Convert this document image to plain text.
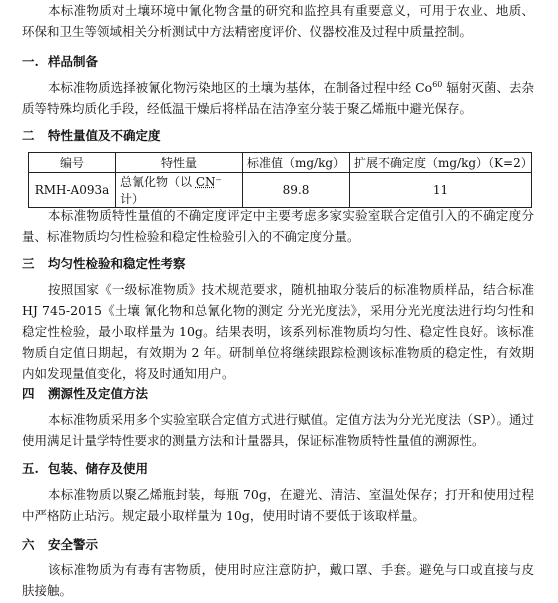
本标准物质对土壤环境中氰化物含量的研究和监控具有重要意义，可用于农业、地质、环保和卫生等领域相关分析测试中方法精密度评价、仪器校准及过程中质量控制。

一. 样品制备

本标准物质选择被氰化物污染地区的土壤为基体，在制备过程中经 Co$^{60}$ 辐射灭菌、去杂质等特殊均质化手段，经低温干燥后将样品在洁净室分装于聚乙烯瓶中避光保存。

二 特性量值及不确定度
编号	特性量	标准值（mg/kg）	扩展不确定度（mg/kg）（K=2）
RMH-A093a	总氰化物（以 CN⁻计）	89.8	11

本标准物质特性量值的不确定度评定中主要考虑多家实验室联合定值引入的不确定度分量、标准物质均匀性检验和稳定性检验引入的不确定度分量。

三 均匀性检验和稳定性考察

按照国家《一级标准物质》技术规范要求，随机抽取分装后的标准物质样品，结合标准 HJ 745-2015《土壤 氰化物和总氰化物的测定 分光光度法》，采用分光光度法进行均匀性和稳定性检验，最小取样量为 10g。结果表明，该系列标准物质均匀性、稳定性良好。该标准物质自定值日期起，有效期为 2 年。研制单位将继续跟踪检测该标准物质的稳定性，有效期内如发现量值变化，将及时通知用户。

四 溯源性及定值方法

本标准物质采用多个实验室联合定值方式进行赋值。定值方法为分光光度法（SP）。通过使用满足计量学特性要求的测量方法和计量器具，保证标准物质特性量值的溯源性。

五. 包装、储存及使用

本标准物质以聚乙烯瓶封装，每瓶 70g，在避光、清洁、室温处保存；打开和使用过程中严格防止玷污。规定最小取样量为 10g，使用时请不要低于该取样量。

六 安全警示

该标准物质为有毒有害物质，使用时应注意防护，戴口罩、手套。避免与口或直接与皮肤接触。
